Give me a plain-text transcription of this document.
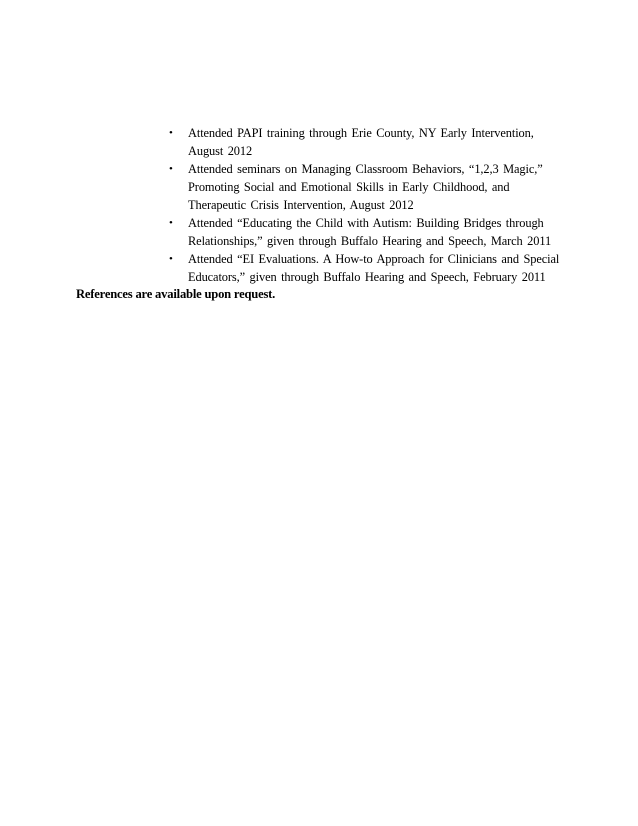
• Attended PAPI training through Erie County, NY Early Intervention,
August 2012
• Attended seminars on Managing Classroom Behaviors, “1,2,3 Magic,”
Promoting Social and Emotional Skills in Early Childhood, and
Therapeutic Crisis Intervention, August 2012
• Attended “Educating the Child with Autism: Building Bridges through
Relationships,” given through Buffalo Hearing and Speech, March 2011
• Attended “EI Evaluations. A How-to Approach for Clinicians and Special
Educators,” given through Buffalo Hearing and Speech, February 2011

References are available upon request.
